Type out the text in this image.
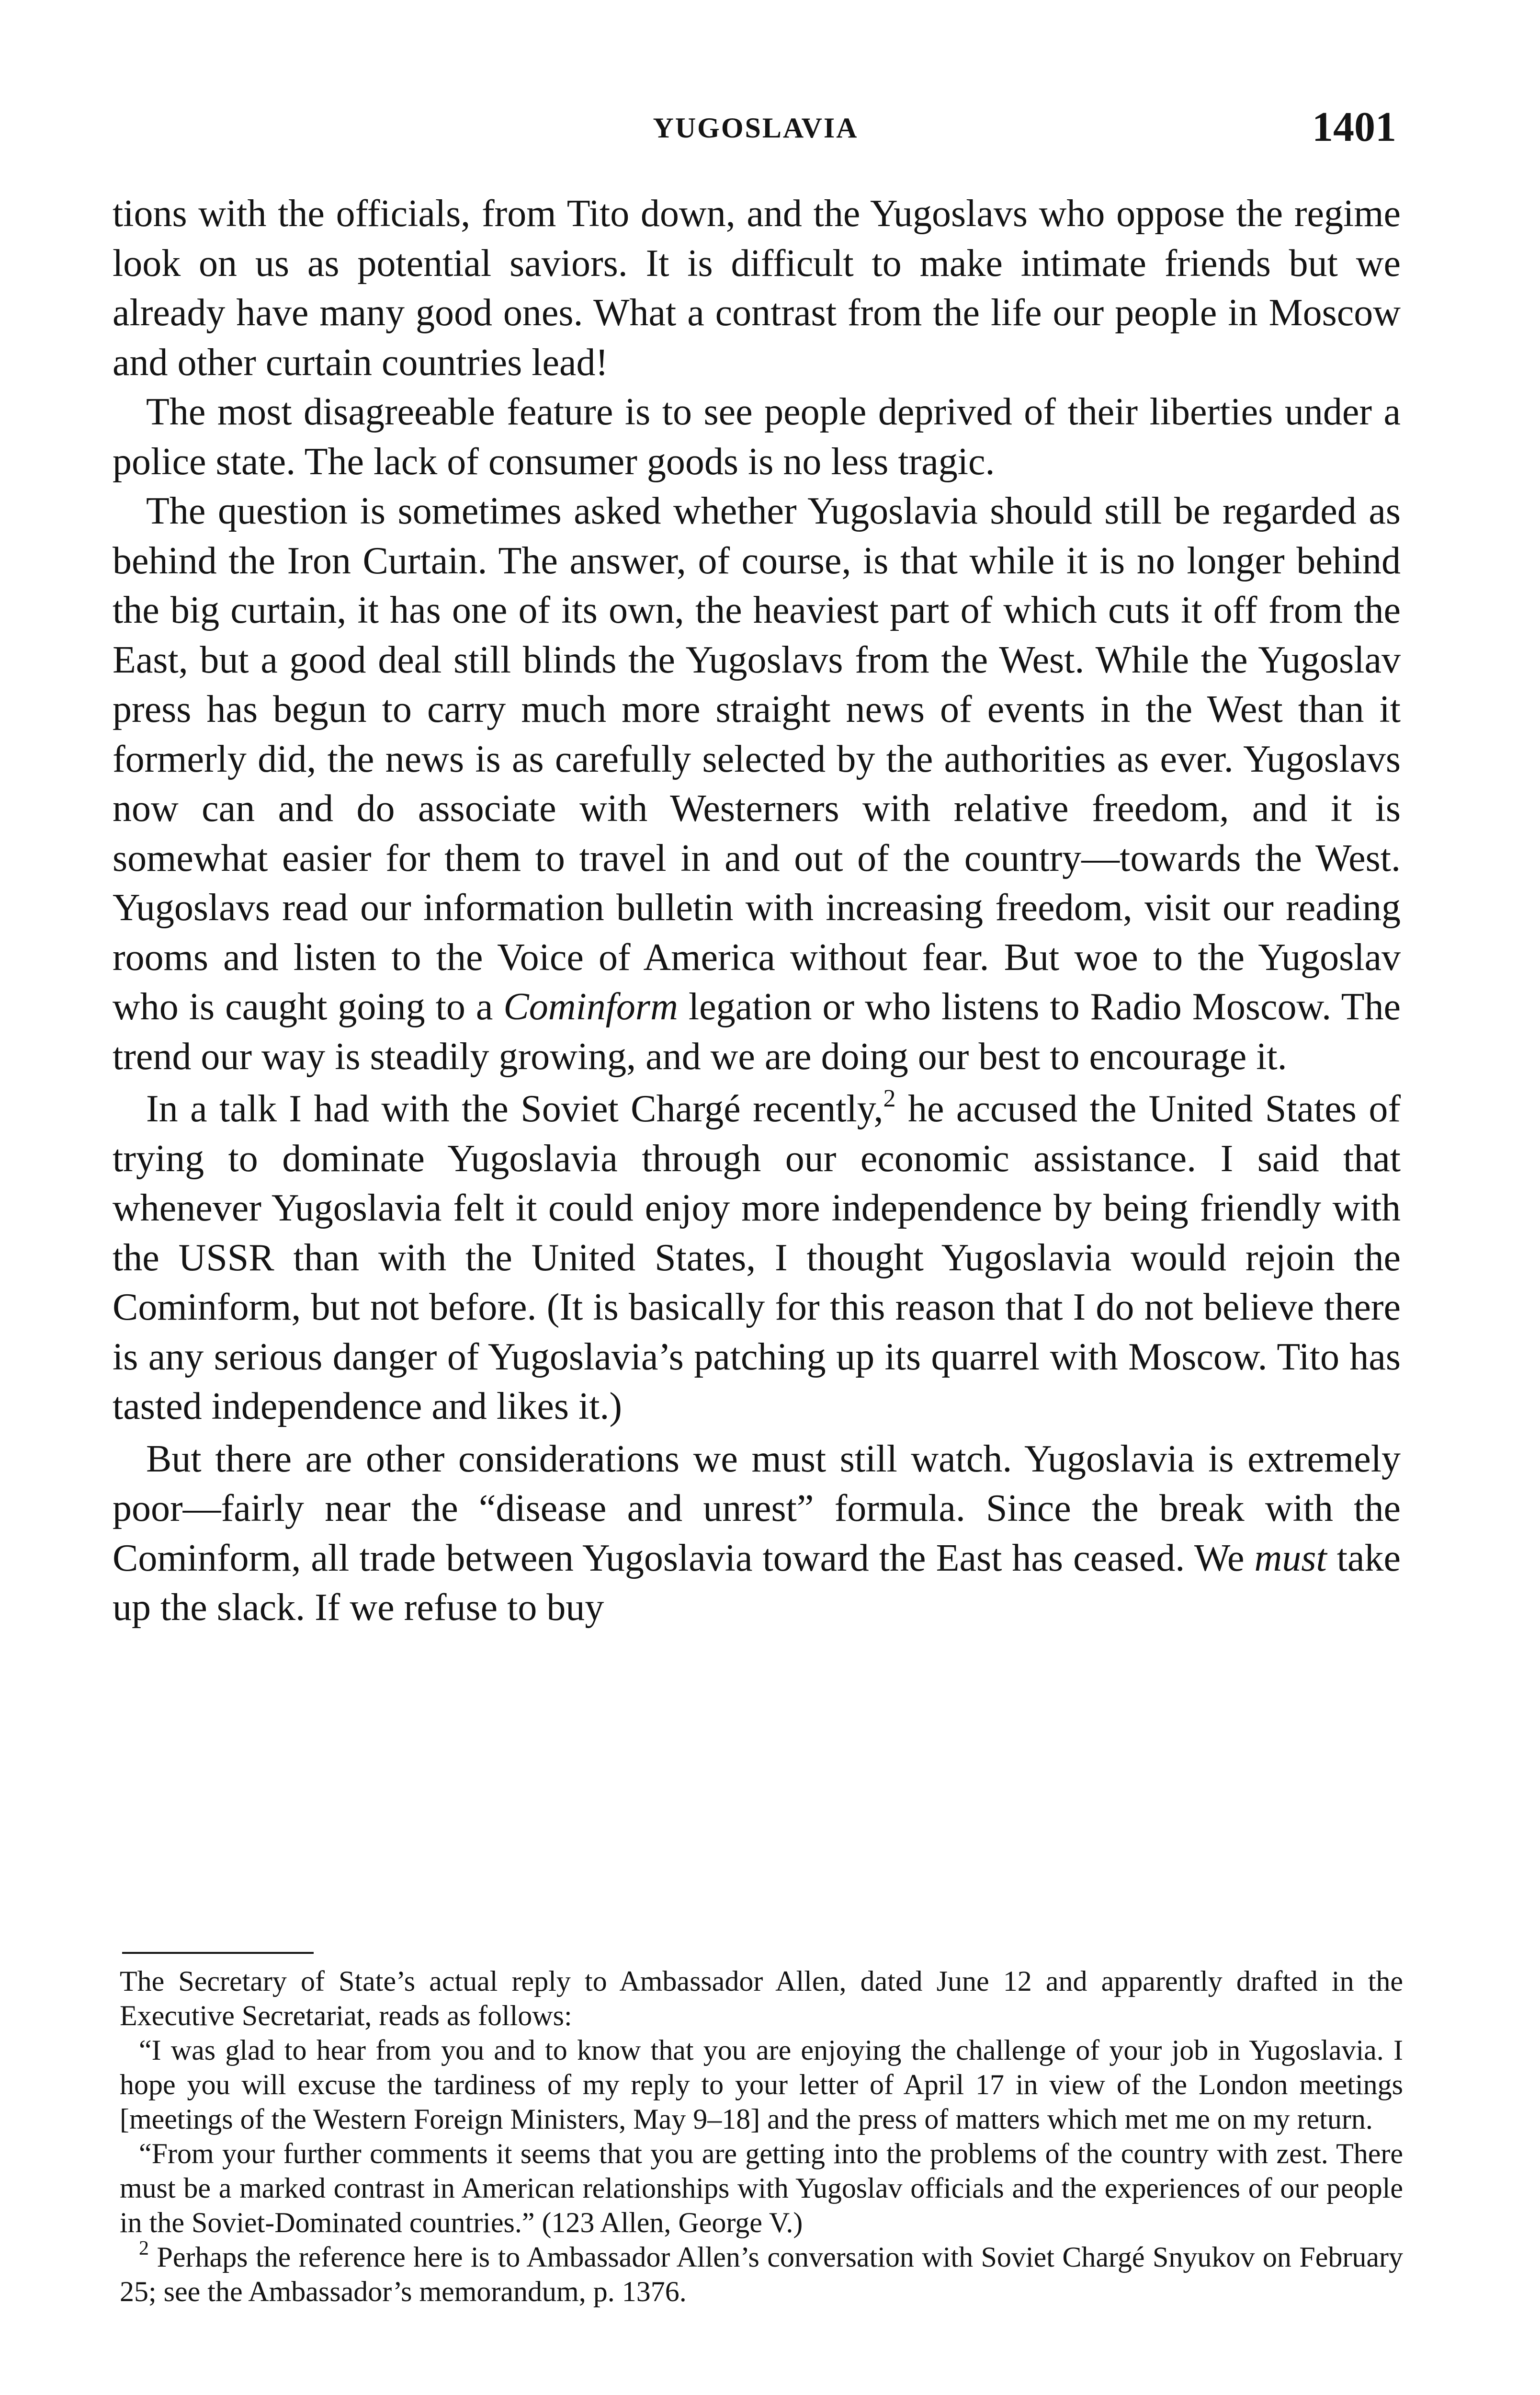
YUGOSLAVIA	1401

tions with the officials, from Tito down, and the Yugoslavs who oppose the regime look on us as potential saviors. It is difficult to make intimate friends but we already have many good ones. What a contrast from the life our people in Moscow and other curtain countries lead!

The most disagreeable feature is to see people deprived of their liberties under a police state. The lack of consumer goods is no less tragic.

The question is sometimes asked whether Yugoslavia should still be regarded as behind the Iron Curtain. The answer, of course, is that while it is no longer behind the big curtain, it has one of its own, the heaviest part of which cuts it off from the East, but a good deal still blinds the Yugoslavs from the West. While the Yugoslav press has begun to carry much more straight news of events in the West than it formerly did, the news is as carefully selected by the authorities as ever. Yugoslavs now can and do associate with Westerners with relative freedom, and it is somewhat easier for them to travel in and out of the country—towards the West. Yugoslavs read our information bulletin with increasing freedom, visit our reading rooms and listen to the Voice of America without fear. But woe to the Yugoslav who is caught going to a Cominform legation or who listens to Radio Moscow. The trend our way is steadily growing, and we are doing our best to encourage it.

In a talk I had with the Soviet Chargé recently,$^2$ he accused the United States of trying to dominate Yugoslavia through our economic assistance. I said that whenever Yugoslavia felt it could enjoy more independence by being friendly with the USSR than with the United States, I thought Yugoslavia would rejoin the Cominform, but not before. (It is basically for this reason that I do not believe there is any serious danger of Yugoslavia’s patching up its quarrel with Moscow. Tito has tasted independence and likes it.)

But there are other considerations we must still watch. Yugoslavia is extremely poor—fairly near the “disease and unrest” formula. Since the break with the Cominform, all trade between Yugoslavia toward the East has ceased. We must take up the slack. If we refuse to buy

The Secretary of State’s actual reply to Ambassador Allen, dated June 12 and apparently drafted in the Executive Secretariat, reads as follows:

“I was glad to hear from you and to know that you are enjoying the challenge of your job in Yugoslavia. I hope you will excuse the tardiness of my reply to your letter of April 17 in view of the London meetings [meetings of the Western Foreign Ministers, May 9–18] and the press of matters which met me on my return.

“From your further comments it seems that you are getting into the problems of the country with zest. There must be a marked contrast in American relationships with Yugoslav officials and the experiences of our people in the Soviet-Dominated countries.” (123 Allen, George V.)

$^2$ Perhaps the reference here is to Ambassador Allen’s conversation with Soviet Chargé Snyukov on February 25; see the Ambassador’s memorandum, p. 1376.
